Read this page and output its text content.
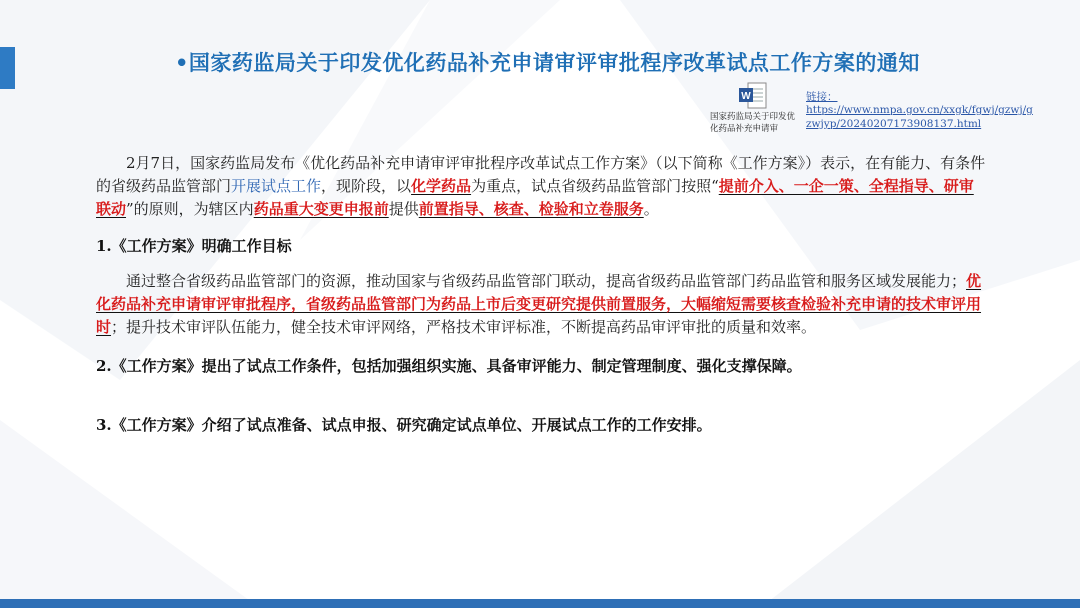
•国家药监局关于印发优化药品补充申请审评审批程序改革试点工作方案的通知
W
国家药监局关于印发优化药品补充申请审
链接：
https://www.nmpa.gov.cn/xxgk/fgwj/gzwj/gzwjyp/20240207173908137.html

2月7日，国家药监局发布《优化药品补充申请审评审批程序改革试点工作方案》（以下简称《工作方案》）表示，在有能力、有条件的省级药品监管部门开展试点工作，现阶段，以化学药品为重点，试点省级药品监管部门按照“提前介入、一企一策、全程指导、研审联动”的原则，为辖区内药品重大变更申报前提供前置指导、核查、检验和立卷服务。

1.《工作方案》明确工作目标

通过整合省级药品监管部门的资源，推动国家与省级药品监管部门联动，提高省级药品监管部门药品监管和服务区域发展能力；优化药品补充申请审评审批程序，省级药品监管部门为药品上市后变更研究提供前置服务，大幅缩短需要核查检验补充申请的技术审评用时；提升技术审评队伍能力，健全技术审评网络，严格技术审评标准，不断提高药品审评审批的质量和效率。

2.《工作方案》提出了试点工作条件，包括加强组织实施、具备审评能力、制定管理制度、强化支撑保障。

3.《工作方案》介绍了试点准备、试点申报、研究确定试点单位、开展试点工作的工作安排。
